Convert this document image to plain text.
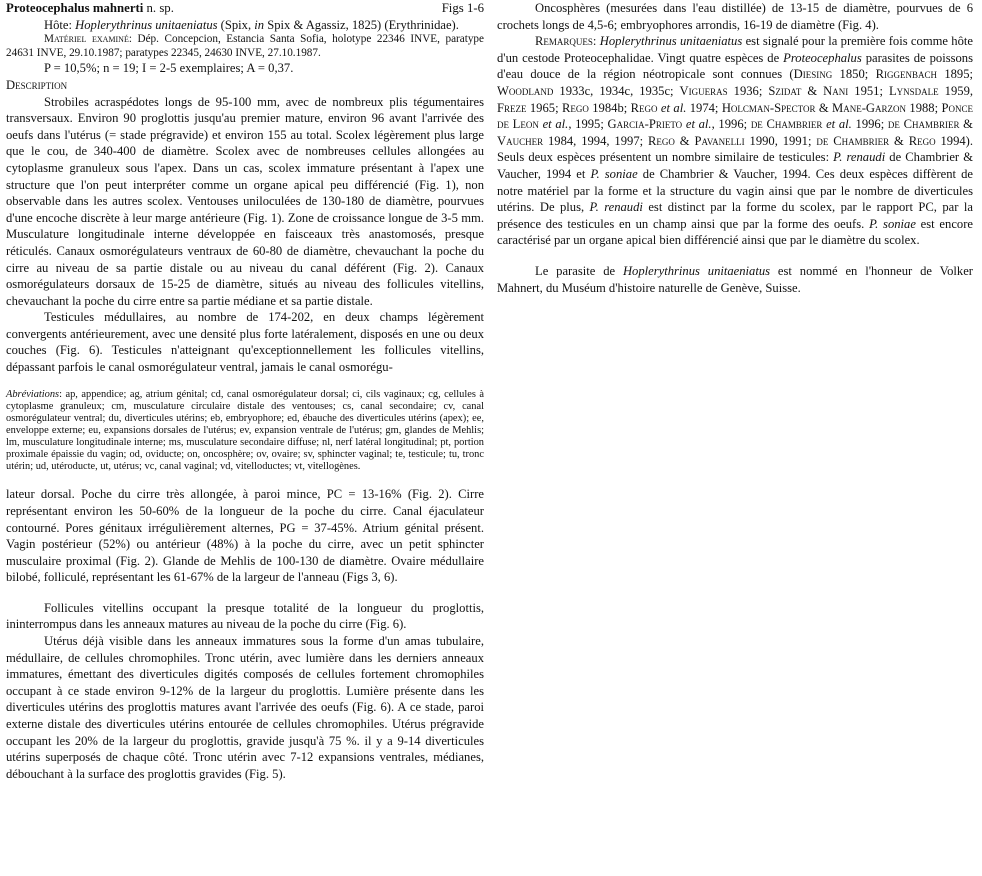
Proteocephalus mahnerti n. sp.	Figs 1-6

Hôte: Hoplerythrinus unitaeniatus (Spix, in Spix & Agassiz, 1825) (Erythrinidae).

Matériel examiné: Dép. Concepcion, Estancia Santa Sofia, holotype 22346 INVE, paratype 24631 INVE, 29.10.1987; paratypes 22345, 24630 INVE, 27.10.1987.

P = 10,5%; n = 19; I = 2-5 exemplaires; A = 0,37.

Description

Strobiles acraspédotes longs de 95-100 mm, avec de nombreux plis tégumentaires transversaux. Environ 90 proglottis jusqu'au premier mature, environ 96 avant l'arrivée des oeufs dans l'utérus (= stade prégravide) et environ 155 au total. Scolex légèrement plus large que le cou, de 340-400 de diamètre. Scolex avec de nombreuses cellules allongées au cytoplasme granuleux sous l'apex. Dans un cas, scolex immature présentant à l'apex une structure que l'on peut interpréter comme un organe apical peu différencié (Fig. 1), non observable dans les autres scolex. Ventouses uniloculées de 130-180 de diamètre, pourvues d'une encoche discrète à leur marge antérieure (Fig. 1). Zone de croissance longue de 3-5 mm. Musculature longitudinale interne développée en faisceaux très anastomosés, presque réticulés. Canaux osmorégulateurs ventraux de 60-80 de diamètre, chevauchant la poche du cirre au niveau de sa partie distale ou au niveau du canal déférent (Fig. 2). Canaux osmorégulateurs dorsaux de 15-25 de diamètre, situés au niveau des follicules vitellins, chevauchant la poche du cirre entre sa partie médiane et sa partie distale.

Testicules médullaires, au nombre de 174-202, en deux champs légèrement convergents antérieurement, avec une densité plus forte latéralement, disposés en une ou deux couches (Fig. 6). Testicules n'atteignant qu'exceptionnellement les follicules vitellins, dépassant parfois le canal osmorégulateur ventral, jamais le canal osmorégu-

Abréviations: ap, appendice; ag, atrium génital; cd, canal osmorégulateur dorsal; ci, cils vaginaux; cg, cellules à cytoplasme granuleux; cm, musculature circulaire distale des ventouses; cs, canal secondaire; cv, canal osmorégulateur ventral; du, diverticules utérins; eb, embryophore; ed, ébauche des diverticules utérins (apex); ee, enveloppe externe; eu, expansions dorsales de l'utérus; ev, expansion ventrale de l'utérus; gm, glandes de Mehlis; lm, musculature longitudinale interne; ms, musculature secondaire diffuse; nl, nerf latéral longitudinal; pt, portion proximale épaissie du vagin; od, oviducte; on, oncosphère; ov, ovaire; sv, sphincter vaginal; te, testicule; tu, tronc utérin; ud, utéroducte, ut, utérus; vc, canal vaginal; vd, vitelloductes; vt, vitellogènes.

lateur dorsal. Poche du cirre très allongée, à paroi mince, PC = 13-16% (Fig. 2). Cirre représentant environ les 50-60% de la longueur de la poche du cirre. Canal éjaculateur contourné. Pores génitaux irrégulièrement alternes, PG = 37-45%. Atrium génital présent. Vagin postérieur (52%) ou antérieur (48%) à la poche du cirre, avec un petit sphincter musculaire proximal (Fig. 2). Glande de Mehlis de 100-130 de diamètre. Ovaire médullaire bilobé, folliculé, représentant les 61-67% de la largeur de l'anneau (Figs 3, 6).

Follicules vitellins occupant la presque totalité de la longueur du proglottis, ininterrompus dans les anneaux matures au niveau de la poche du cirre (Fig. 6).

Utérus déjà visible dans les anneaux immatures sous la forme d'un amas tubulaire, médullaire, de cellules chromophiles. Tronc utérin, avec lumière dans les derniers anneaux immatures, émettant des diverticules digités composés de cellules fortement chromophiles occupant à ce stade environ 9-12% de la largeur du proglottis. Lumière présente dans les diverticules utérins des proglottis matures avant l'arrivée des oeufs (Fig. 6). A ce stade, paroi externe distale des diverticules utérins entourée de cellules chromophiles. Utérus prégravide occupant les 20% de la largeur du proglottis, gravide jusqu'à 75 %. il y a 9-14 diverticules utérins superposés de chaque côté. Tronc utérin avec 7-12 expansions ventrales, médianes, débouchant à la surface des proglottis gravides (Fig. 5).

Oncosphères (mesurées dans l'eau distillée) de 13-15 de diamètre, pourvues de 6 crochets longs de 4,5-6; embryophores arrondis, 16-19 de diamètre (Fig. 4).

Remarques: Hoplerythrinus unitaeniatus est signalé pour la première fois comme hôte d'un cestode Proteocephalidae. Vingt quatre espèces de Proteocephalus parasites de poissons d'eau douce de la région néotropicale sont connues (Diesing 1850; Riggenbach 1895; Woodland 1933c, 1934c, 1935c; Vigueras 1936; Szidat & Nani 1951; Lynsdale 1959, Freze 1965; Rego 1984b; Rego et al. 1974; Holcman-Spector & Mane-Garzon 1988; Ponce de Leon et al., 1995; Garcia-Prieto et al., 1996; de Chambrier et al. 1996; de Chambrier & Vaucher 1984, 1994, 1997; Rego & Pavanelli 1990, 1991; de Chambrier & Rego 1994). Seuls deux espèces présentent un nombre similaire de testicules: P. renaudi de Chambrier & Vaucher, 1994 et P. soniae de Chambrier & Vaucher, 1994. Ces deux espèces diffèrent de notre matériel par la forme et la structure du vagin ainsi que par le nombre de diverticules utérins. De plus, P. renaudi est distinct par la forme du scolex, par le rapport PC, par la présence des testicules en un champ ainsi que par la forme des oeufs. P. soniae est encore caractérisé par un organe apical bien différencié ainsi que par le diamètre du scolex.

Le parasite de Hoplerythrinus unitaeniatus est nommé en l'honneur de Volker Mahnert, du Muséum d'histoire naturelle de Genève, Suisse.
